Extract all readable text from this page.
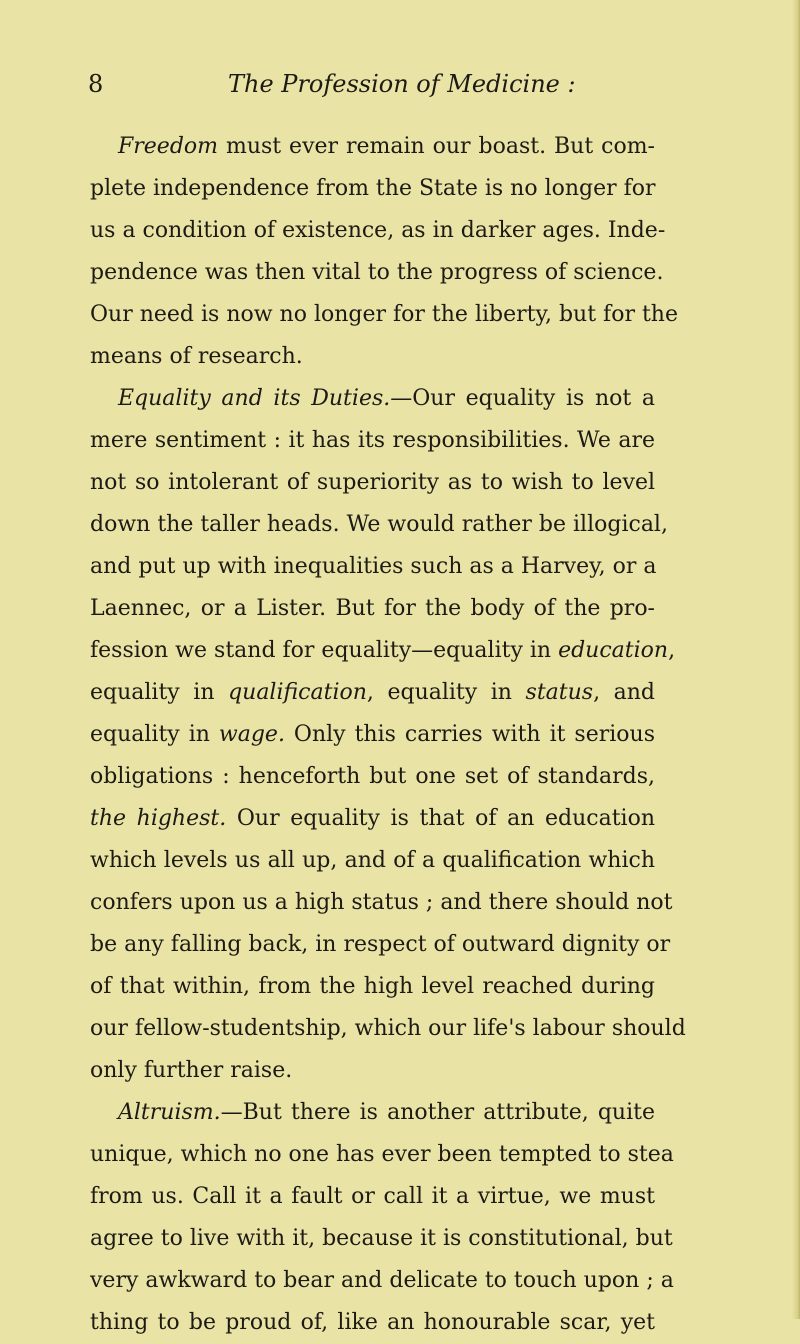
8	The Profession of Medicine :
Freedom must ever remain our boast. But com-
plete independence from the State is no longer for
us a condition of existence, as in darker ages. Inde-
pendence was then vital to the progress of science.
Our need is now no longer for the liberty, but for the
means of research.
Equality and its Duties.—Our equality is not a
mere sentiment : it has its responsibilities. We are
not so intolerant of superiority as to wish to level
down the taller heads. We would rather be illogical,
and put up with inequalities such as a Harvey, or a
Laennec, or a Lister. But for the body of the pro-
fession we stand for equality—equality in education,
equality in qualification, equality in status, and
equality in wage. Only this carries with it serious
obligations : henceforth but one set of standards,
the highest. Our equality is that of an education
which levels us all up, and of a qualification which
confers upon us a high status ; and there should not
be any falling back, in respect of outward dignity or
of that within, from the high level reached during
our fellow-studentship, which our life's labour should
only further raise.
Altruism.—But there is another attribute, quite
unique, which no one has ever been tempted to stea
from us. Call it a fault or call it a virtue, we must
agree to live with it, because it is constitutional, but
very awkward to bear and delicate to touch upon ; a
thing to be proud of, like an honourable scar, yet
